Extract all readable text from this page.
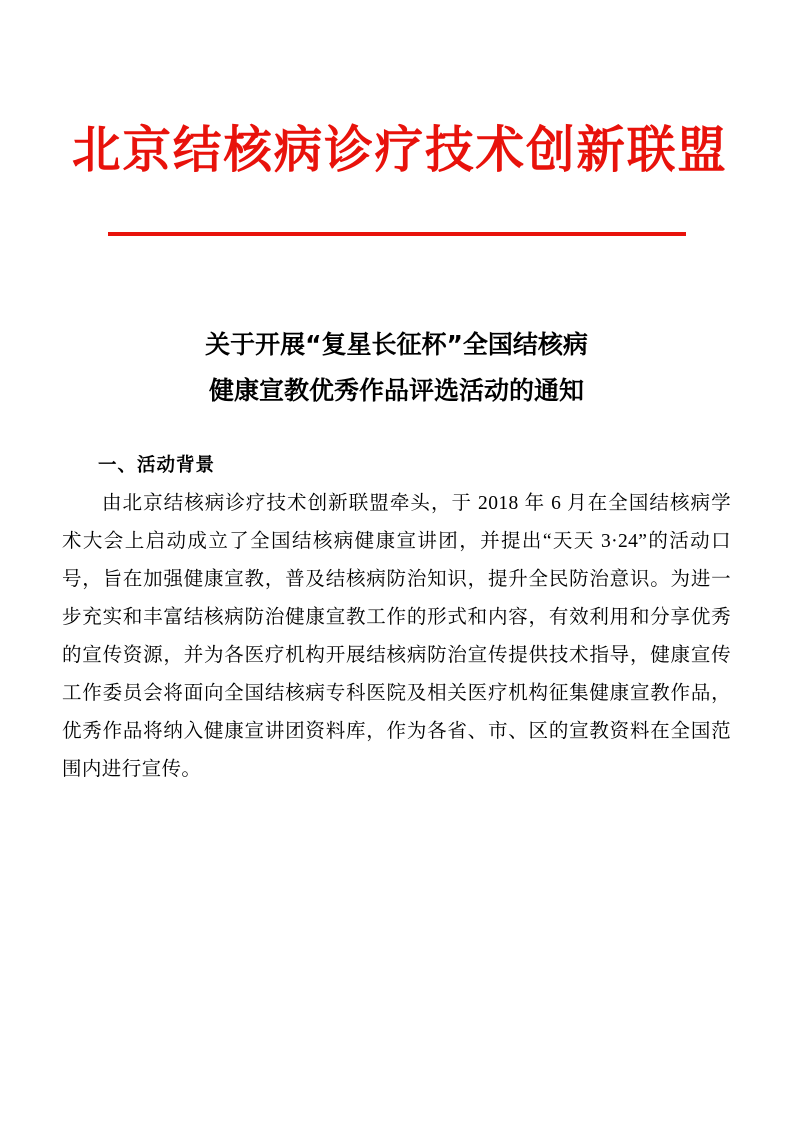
北京结核病诊疗技术创新联盟
关于开展“复星长征杯”全国结核病
健康宣教优秀作品评选活动的通知
一、活动背景

由北京结核病诊疗技术创新联盟牵头，于 2018 年 6 月在全国结核病学术大会上启动成立了全国结核病健康宣讲团，并提出“天天 3·24”的活动口号，旨在加强健康宣教，普及结核病防治知识，提升全民防治意识。为进一步充实和丰富结核病防治健康宣教工作的形式和内容，有效利用和分享优秀的宣传资源，并为各医疗机构开展结核病防治宣传提供技术指导，健康宣传工作委员会将面向全国结核病专科医院及相关医疗机构征集健康宣教作品，优秀作品将纳入健康宣讲团资料库，作为各省、市、区的宣教资料在全国范围内进行宣传。
